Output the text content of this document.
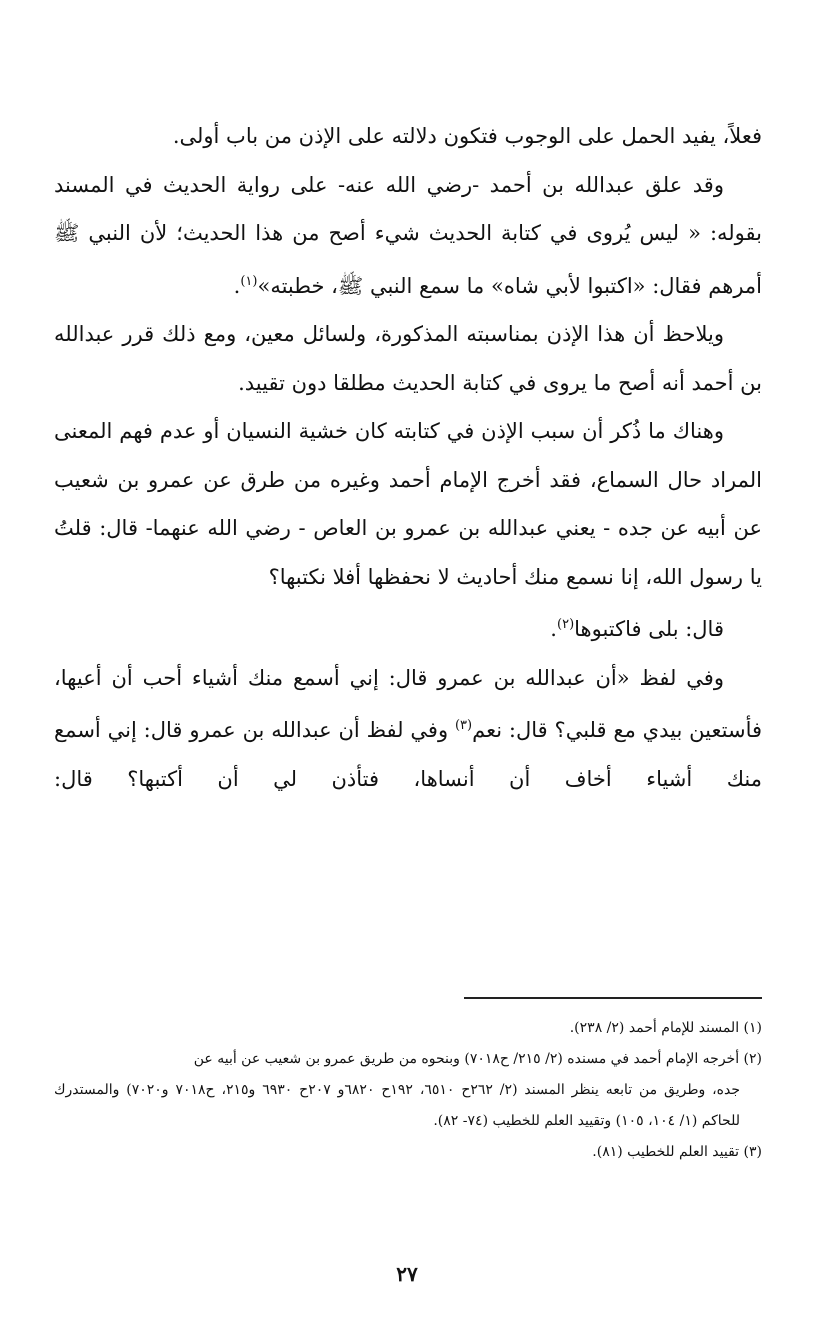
فعلاً، يفيد الحمل على الوجوب فتكون دلالته على الإذن من باب أولى.

وقد علق عبدالله بن أحمد -رضي الله عنه- على رواية الحديث في المسند بقوله: « ليس يُروى في كتابة الحديث شيء أصح من هذا الحديث؛ لأن النبي ﷺ أمرهم فقال: «اكتبوا لأبي شاه» ما سمع النبي ﷺ، خطبته»$^{(١)}$.

ويلاحظ أن هذا الإذن بمناسبته المذكورة، ولسائل معين، ومع ذلك قرر عبدالله بن أحمد أنه أصح ما يروى في كتابة الحديث مطلقا دون تقييد.

وهناك ما ذُكر أن سبب الإذن في كتابته كان خشية النسيان أو عدم فهم المعنى المراد حال السماع، فقد أخرج الإمام أحمد وغيره من طرق عن عمرو بن شعيب عن أبيه عن جده - يعني عبدالله بن عمرو بن العاص - رضي الله عنهما- قال: قلتُ يا رسول الله، إنا نسمع منك أحاديث لا نحفظها أفلا نكتبها؟

قال: بلى فاكتبوها$^{(٢)}$.

وفي لفظ «أن عبدالله بن عمرو قال: إني أسمع منك أشياء أحب أن أعيها، فأستعين بيدي مع قلبي؟ قال: نعم$^{(٣)}$ وفي لفظ أن عبدالله بن عمرو قال: إني أسمع منك أشياء أخاف أن أنساها، فتأذن لي أن أكتبها؟ قال:

(١) المسند للإمام أحمد (٢/ ٢٣٨).

(٢) أخرجه الإمام أحمد في مسنده (٢/ ٢١٥/ ح٧٠١٨) وبنحوه من طريق عمرو بن شعيب عن أبيه عن

جده، وطريق من تابعه ينظر المسند (٢/ ٢٦٢ح ٦٥١٠، ١٩٢ح ٦٨٢٠و ٢٠٧ح ٦٩٣٠ و٢١٥، ح٧٠١٨ و٧٠٢٠) والمستدرك للحاكم (١/ ١٠٤، ١٠٥) وتقييد العلم للخطيب (٧٤- ٨٢).

(٣) تقييد العلم للخطيب (٨١).

٢٧
